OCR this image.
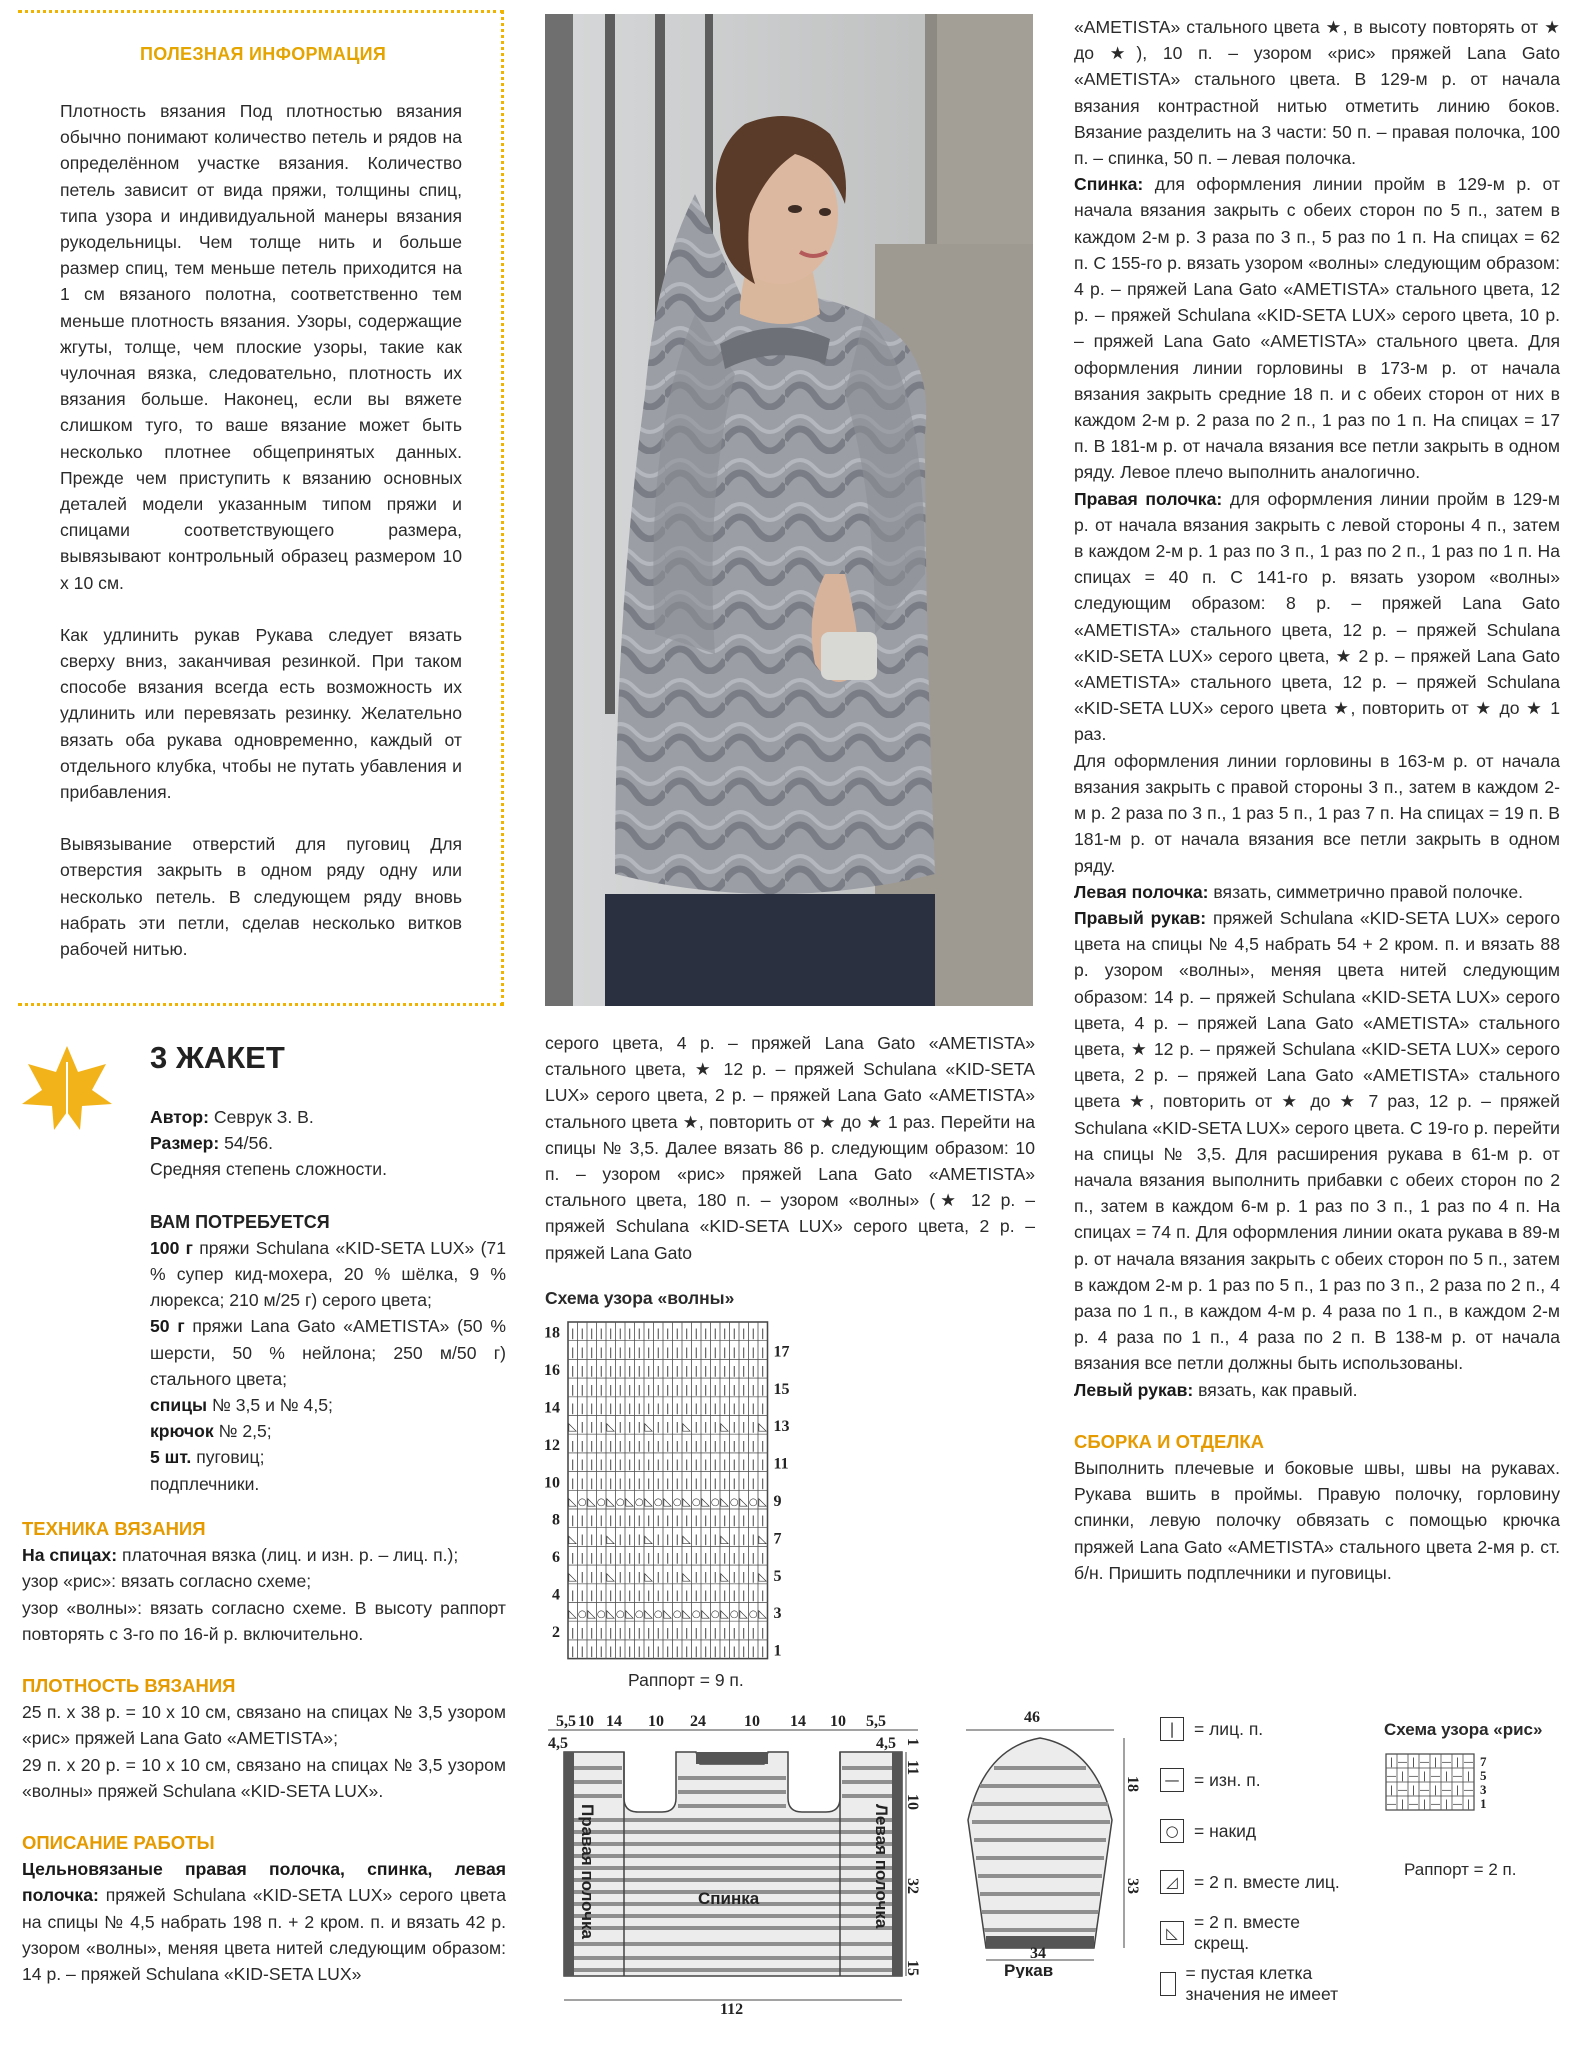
ПОЛЕЗНАЯ ИНФОРМАЦИЯ

Плотность вязания Под плотностью вязания обычно понимают количество петель и рядов на определённом участке вязания. Количество петель зависит от вида пряжи, толщины спиц, типа узора и индивидуальной манеры вязания рукодельницы. Чем толще нить и больше размер спиц, тем меньше петель приходится на 1 см вязаного полотна, соответственно тем меньше плотность вязания. Узоры, содержащие жгуты, толще, чем плоские узоры, такие как чулочная вязка, следовательно, плотность их вязания больше. Наконец, если вы вяжете слишком туго, то ваше вязание может быть несколько плотнее общепринятых данных. Прежде чем приступить к вязанию основных деталей модели указанным типом пряжи и спицами соответствующего размера, вывязывают контрольный образец размером 10 х 10 см.

Как удлинить рукав Рукава следует вязать сверху вниз, заканчивая резинкой. При таком способе вязания всегда есть возможность их удлинить или перевязать резинку. Желательно вязать оба рукава одновременно, каждый от отдельного клубка, чтобы не путать убавления и прибавления.

Вывязывание отверстий для пуговиц Для отверстия закрыть в одном ряду одну или несколько петель. В следующем ряду вновь набрать эти петли, сделав несколько витков рабочей нитью.

3 ЖАКЕТ

Автор: Севрук З. В.

Размер: 54/56.

Средняя степень сложности.

ВАМ ПОТРЕБУЕТСЯ

100 г пряжи Schulana «KID-SETA LUX» (71 % супер кид-мохера, 20 % шёлка, 9 % люрекса; 210 м/25 г) серого цвета;

50 г пряжи Lana Gato «AMETISTA» (50 % шерсти, 50 % нейлона; 250 м/50 г) стального цвета;

спицы № 3,5 и № 4,5;

крючок № 2,5;

5 шт. пуговиц;

подплечники.

ТЕХНИКА ВЯЗАНИЯ

На спицах: платочная вязка (лиц. и изн. р. – лиц. п.);

узор «рис»: вязать согласно схеме;

узор «волны»: вязать согласно схеме. В высоту раппорт повторять с 3-го по 16-й р. включительно.

ПЛОТНОСТЬ ВЯЗАНИЯ

25 п. х 38 р. = 10 х 10 см, связано на спицах № 3,5 узором «рис» пряжей Lana Gato «AMETISTA»;

29 п. х 20 р. = 10 х 10 см, связано на спицах № 3,5 узором «волны» пряжей Schulana «KID-SETA LUX».

ОПИСАНИЕ РАБОТЫ

Цельновязаные правая полочка, спинка, левая полочка: пряжей Schulana «KID-SETA LUX» серого цвета на спицы № 4,5 набрать 198 п. + 2 кром. п. и вязать 42 р. узором «волны», меняя цвета нитей следующим образом: 14 р. – пряжей Schulana «KID-SETA LUX»

серого цвета, 4 р. – пряжей Lana Gato «AMETISTA» стального цвета, ★ 12 р. – пряжей Schulana «KID-SETA LUX» серого цвета, 2 р. – пряжей Lana Gato «AMETISTA» стального цвета ★, повторить от ★ до ★ 1 раз. Перейти на спицы № 3,5. Далее вязать 86 р. следующим образом: 10 п. – узором «рис» пряжей Lana Gato «AMETISTA» стального цвета, 180 п. – узором «волны» (★ 12 р. – пряжей Schulana «KID-SETA LUX» серого цвета, 2 р. – пряжей Lana Gato
Схема узора «волны»
| | | | | | | | | | | | | | | | | | | | |
| | | | | | | | | | | | | | | | | | | | |
| | | | | | | | | | | | | | | | | | | | |
| | | | | | | | | | | | | | | | | | | | |
| | | | | | | | | | | | | | | | | | | | |
◺ | | | ◺ | | | ◺ | | | ◺ | | | ◺ | | | ◺
| | | | | | | | | | | | | | | | | | | | |
| | | | | | | | | | | | | | | | | | | | |
| | | | | | | | | | | | | | | | | | | | |
◺ ○ ◺ ○ ◺ ○ ◺ ○ ◺ ○ ◺ ○ ◺ ○ ◺ ○ ◺ ○ ◺ ○ ◺
| | | | | | | | | | | | | | | | | | | | |
◺ | | | ◺ | | | ◺ | | | ◺ | | | ◺ | | | ◺
| | | | | | | | | | | | | | | | | | | | |
◺ | | | ◺ | | | ◺ | | | ◺ | | | ◺ | | | ◺
| | | | | | | | | | | | | | | | | | | | |
◺ ○ ◺ ○ ◺ ○ ◺ ○ ◺ ○ ◺ ○ ◺ ○ ◺ ○ ◺ ○ ◺ ○ ◺
| | | | | | | | | | | | | | | | | | | | |
| | | | | | | | | | | | | | | | | | | | |
18
16
14
12
10
8
6
4
2
17
15
13
11
9
7
5
3
1
Раппорт = 9 п.
5,5 10 14 10 24 10 14 10 5,5
4,5	4,5 1
11
10
32
15
112
Спинка
Правая полочка	Левая полочка
46
34
18
33
Рукав
|	= лиц. п.
— = изн. п.
○ = накид
◿ = 2 п. вместе лиц.
◺
= 2 п. вместе скрещ.
= пустая клетка значения не имеет
Схема узора «рис»
| — | — | — | —
— | — | — | — |
| — | — | — | —
— | — | — | — |
7
5
3
1
Раппорт = 2 п.

«AMETISTA» стального цвета ★, в высоту повторять от ★ до ★), 10 п. – узором «рис» пряжей Lana Gato «AMETISTA» стального цвета. В 129-м р. от начала вязания контрастной нитью отметить линию боков. Вязание разделить на 3 части: 50 п. – правая полочка, 100 п. – спинка, 50 п. – левая полочка.

Спинка: для оформления линии пройм в 129-м р. от начала вязания закрыть с обеих сторон по 5 п., затем в каждом 2-м р. 3 раза по 3 п., 5 раз по 1 п. На спицах = 62 п. С 155-го р. вязать узором «волны» следующим образом: 4 р. – пряжей Lana Gato «AMETISTA» стального цвета, 12 р. – пряжей Schulana «KID-SETA LUX» серого цвета, 10 р. – пряжей Lana Gato «AMETISTA» стального цвета. Для оформления линии горловины в 173-м р. от начала вязания закрыть средние 18 п. и с обеих сторон от них в каждом 2-м р. 2 раза по 2 п., 1 раз по 1 п. На спицах = 17 п. В 181-м р. от начала вязания все петли закрыть в одном ряду. Левое плечо выполнить аналогично.

Правая полочка: для оформления линии пройм в 129-м р. от начала вязания закрыть с левой стороны 4 п., затем в каждом 2-м р. 1 раз по 3 п., 1 раз по 2 п., 1 раз по 1 п. На спицах = 40 п. С 141-го р. вязать узором «волны» следующим образом: 8 р. – пряжей Lana Gato «AMETISTA» стального цвета, 12 р. – пряжей Schulana «KID-SETA LUX» серого цвета, ★ 2 р. – пряжей Lana Gato «AMETISTA» стального цвета, 12 р. – пряжей Schulana «KID-SETA LUX» серого цвета ★, повторить от ★ до ★ 1 раз.

Для оформления линии горловины в 163-м р. от начала вязания закрыть с правой стороны 3 п., затем в каждом 2-м р. 2 раза по 3 п., 1 раз 5 п., 1 раз 7 п. На спицах = 19 п. В 181-м р. от начала вязания все петли закрыть в одном ряду.

Левая полочка: вязать, симметрично правой полочке.

Правый рукав: пряжей Schulana «KID-SETA LUX» серого цвета на спицы № 4,5 набрать 54 + 2 кром. п. и вязать 88 р. узором «волны», меняя цвета нитей следующим образом: 14 р. – пряжей Schulana «KID-SETA LUX» серого цвета, 4 р. – пряжей Lana Gato «AMETISTA» стального цвета, ★ 12 р. – пряжей Schulana «KID-SETA LUX» серого цвета, 2 р. – пряжей Lana Gato «AMETISTA» стального цвета ★, повторить от ★ до ★ 7 раз, 12 р. – пряжей Schulana «KID-SETA LUX» серого цвета. С 19-го р. перейти на спицы № 3,5. Для расширения рукава в 61-м р. от начала вязания выполнить прибавки с обеих сторон по 2 п., затем в каждом 6-м р. 1 раз по 3 п., 1 раз по 4 п. На спицах = 74 п. Для оформления линии оката рукава в 89-м р. от начала вязания закрыть с обеих сторон по 5 п., затем в каждом 2-м р. 1 раз по 5 п., 1 раз по 3 п., 2 раза по 2 п., 4 раза по 1 п., в каждом 4-м р. 4 раза по 1 п., в каждом 2-м р. 4 раза по 1 п., 4 раза по 2 п. В 138-м р. от начала вязания все петли должны быть использованы.

Левый рукав: вязать, как правый.

СБОРКА И ОТДЕЛКА

Выполнить плечевые и боковые швы, швы на рукавах. Рукава вшить в проймы. Правую полочку, горловину спинки, левую полочку обвязать с помощью крючка пряжей Lana Gato «AMETISTA» стального цвета 2-мя р. ст. б/н. Пришить подплечники и пуговицы.
